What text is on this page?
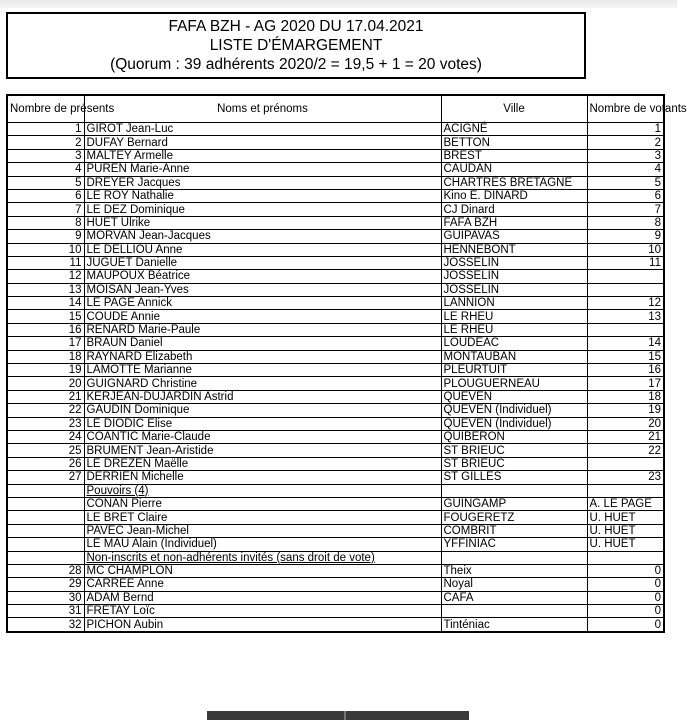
FAFA BZH - AG 2020 DU 17.04.2021
LISTE D'ÉMARGEMENT
(Quorum : 39 adhérents 2020/2 = 19,5 + 1 = 20 votes)
Nombre de présents	Noms et prénoms	Ville	Nombre de votants
1	GIROT Jean-Luc	ACIGNÉ	1
2	DUFAY Bernard	BETTON	2
3	MALTEY Armelle	BREST	3
4	PUREN Marie-Anne	CAUDAN	4
5	DREYER Jacques	CHARTRES BRETAGNE	5
6	LE ROY Nathalie	Kino E. DINARD	6
7	LE DEZ Dominique	CJ Dinard	7
8	HUET Ulrike	FAFA BZH	8
9	MORVAN Jean-Jacques	GUIPAVAS	9
10	LE DELLIOU Anne	HENNEBONT	10
11	JUGUET Danielle	JOSSELIN	11
12	MAUPOUX Béatrice	JOSSELIN	
13	MOISAN Jean-Yves	JOSSELIN	
14	LE PAGE Annick	LANNION	12
15	COUDE Annie	LE RHEU	13
16	RENARD Marie-Paule	LE RHEU	
17	BRAUN Daniel	LOUDEAC	14
18	RAYNARD Elizabeth	MONTAUBAN	15
19	LAMOTTE Marianne	PLEURTUIT	16
20	GUIGNARD Christine	PLOUGUERNEAU	17
21	KERJEAN-DUJARDIN Astrid	QUEVEN	18
22	GAUDIN Dominique	QUEVEN (Individuel)	19
23	LE DIODIC Elise	QUEVEN (Individuel)	20
24	COANTIC Marie-Claude	QUIBERON	21
25	BRUMENT Jean-Aristide	ST BRIEUC	22
26	LE DREZEN Maëlle	ST BRIEUC	
27	DERRIEN Michelle	ST GILLES	23
	Pouvoirs (4)		
	CONAN Pierre	GUINGAMP	A. LE PAGE
	LE BRET Claire	FOUGERETZ	U. HUET
	PAVEC Jean-Michel	COMBRIT	U. HUET
	LE MAU Alain (Individuel)	YFFINIAC	U. HUET
	Non-inscrits et non-adhérents invités (sans droit de vote)		
28	MC CHAMPLON	Theix	0
29	CARREE Anne	Noyal	0
30	ADAM Bernd	CAFA	0
31	FRETAY Loïc		0
32	PICHON Aubin	Tinténiac	0
